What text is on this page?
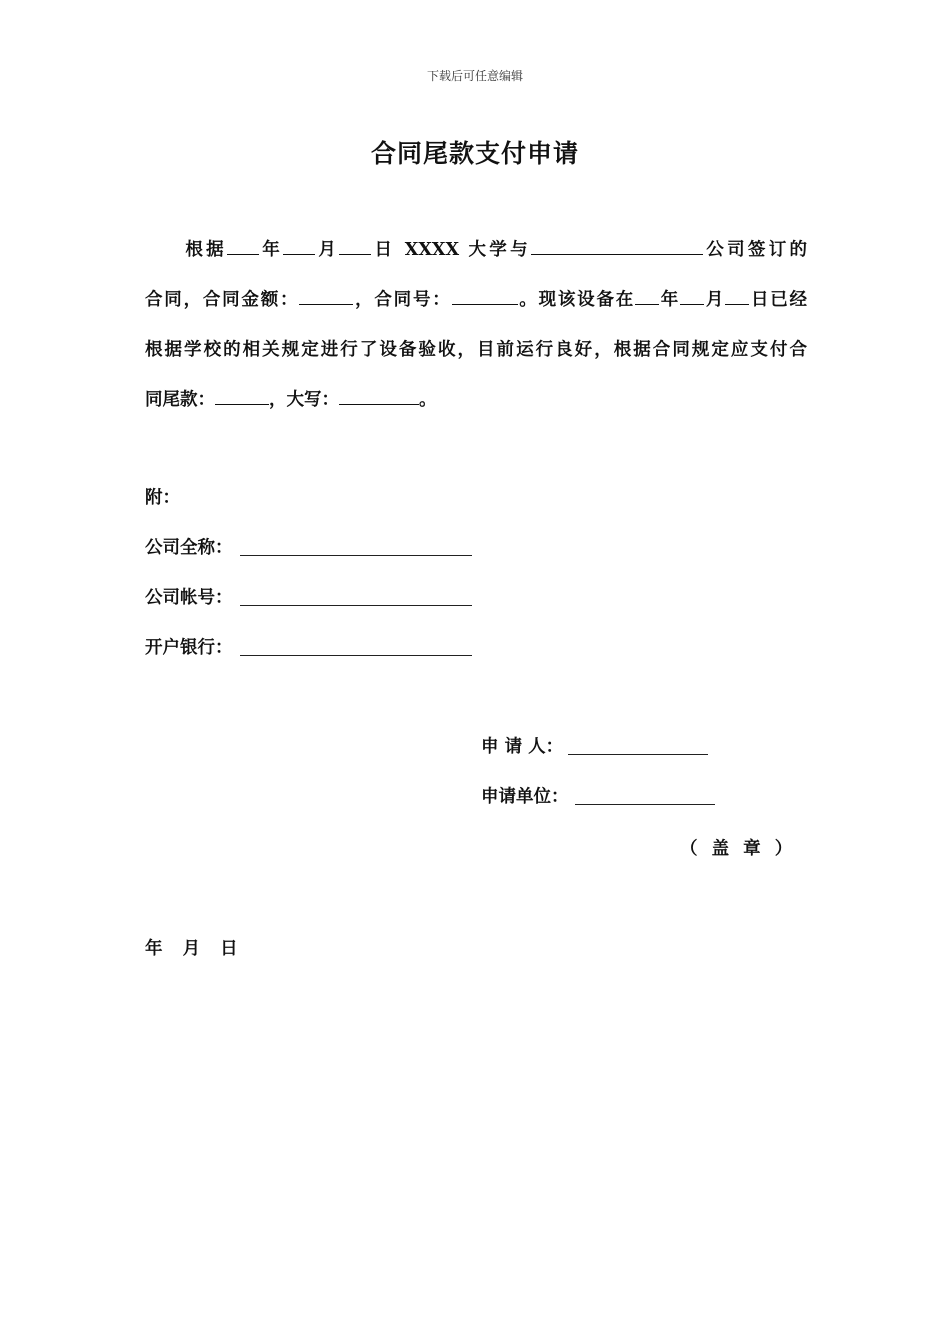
下载后可任意编辑
合同尾款支付申请
根据 年 月 日 XXXX 大学与	公司签订的
合同，合同金额：	，合同号：	。现该设备在 年 月 日已经
根据学校的相关规定进行了设备验收，目前运行良好，根据合同规定应支付合
同尾款：	，大写：	。
附：
公司全称：
公司帐号：
开户银行：
申 请 人：
申请单位：
（ 盖 章 ）
年 月 日
